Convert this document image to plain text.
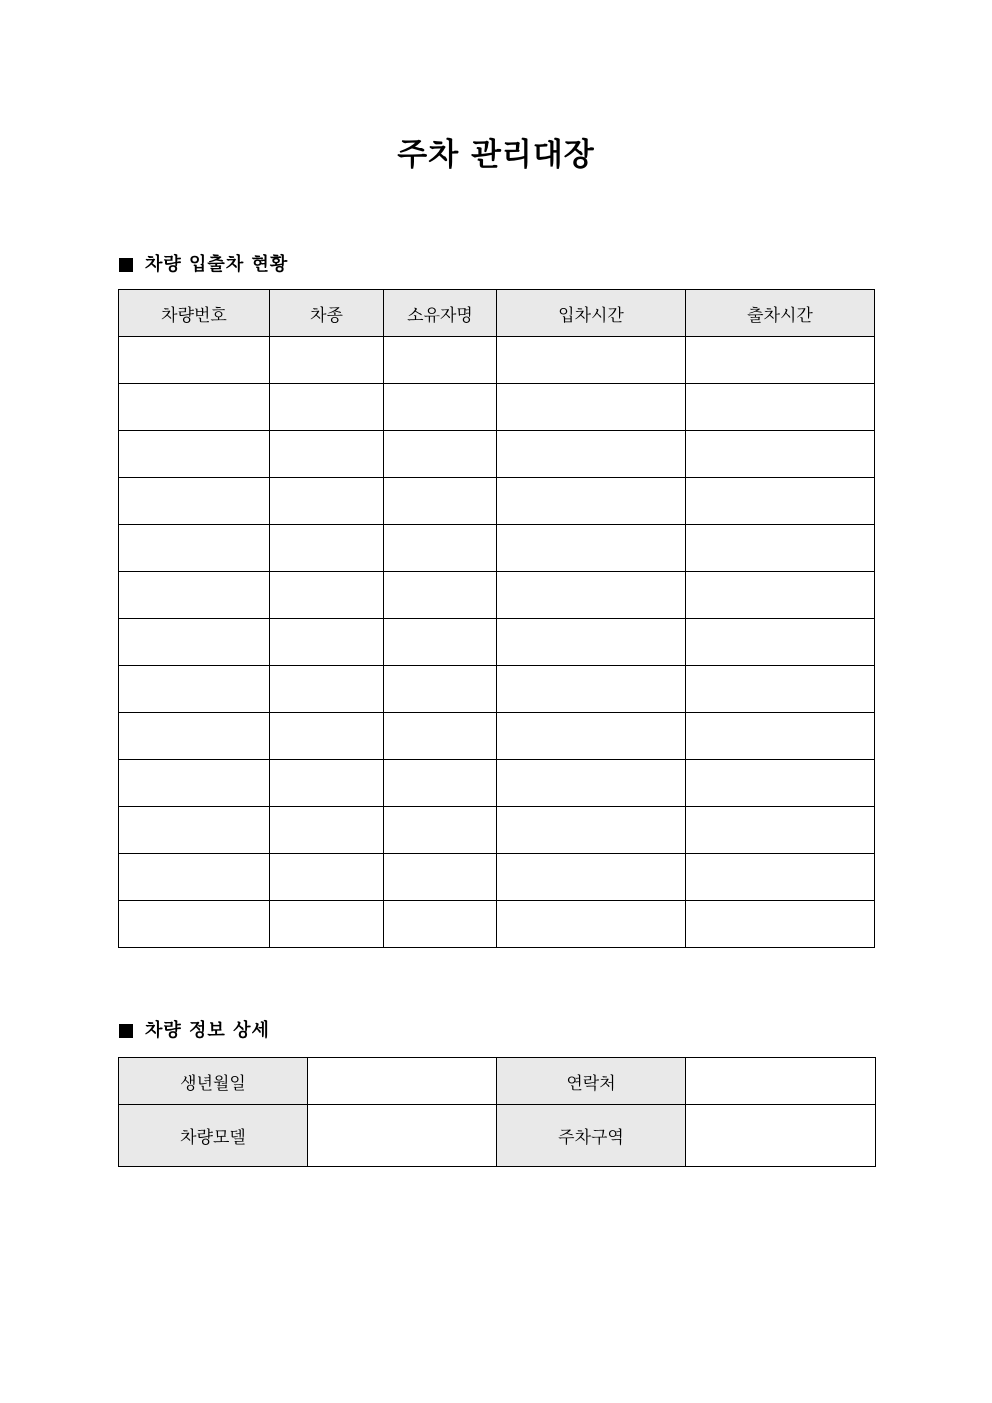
주차 관리대장
차량 입출차 현황
차량번호	차종	소유자명	입차시간	출차시간

차량 정보 상세
생년월일		연락처	
차량모델		주차구역	
